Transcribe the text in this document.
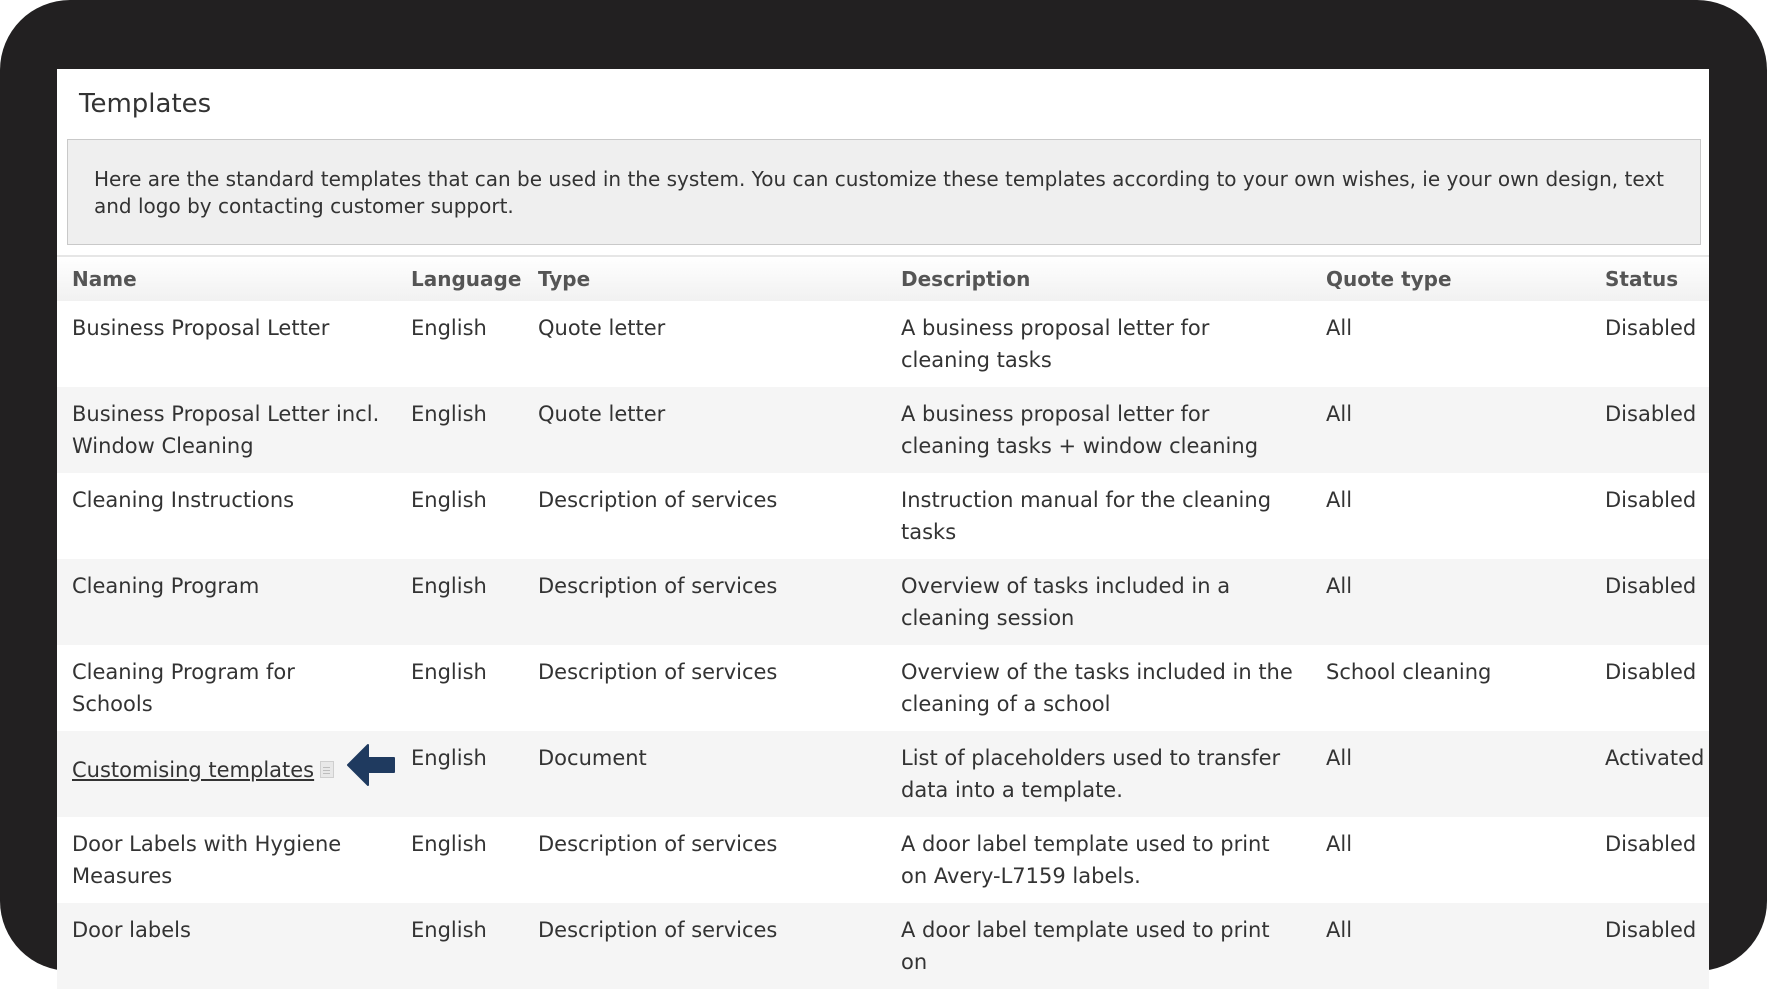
Templates
Here are the standard templates that can be used in the system. You can customize these templates according to your own wishes, ie your own design, text and logo by contacting customer support.
Name	Language	Type	Description	Quote type	Status
Business Proposal Letter	English	Quote letter	A business proposal letter for cleaning tasks	All	Disabled
Business Proposal Letter incl. Window Cleaning	English	Quote letter	A business proposal letter for cleaning tasks + window cleaning	All	Disabled
Cleaning Instructions	English	Description of services	Instruction manual for the cleaning tasks	All	Disabled
Cleaning Program	English	Description of services	Overview of tasks included in a cleaning session	All	Disabled
Cleaning Program for Schools	English	Description of services	Overview of the tasks included in the cleaning of a school	School cleaning	Disabled
Customising templates	English	Document	List of placeholders used to transfer data into a template.	All	Activated
Door Labels with Hygiene Measures	English	Description of services	A door label template used to print on Avery-L7159 labels.	All	Disabled
Door labels	English	Description of services	A door label template used to print on	All	Disabled
